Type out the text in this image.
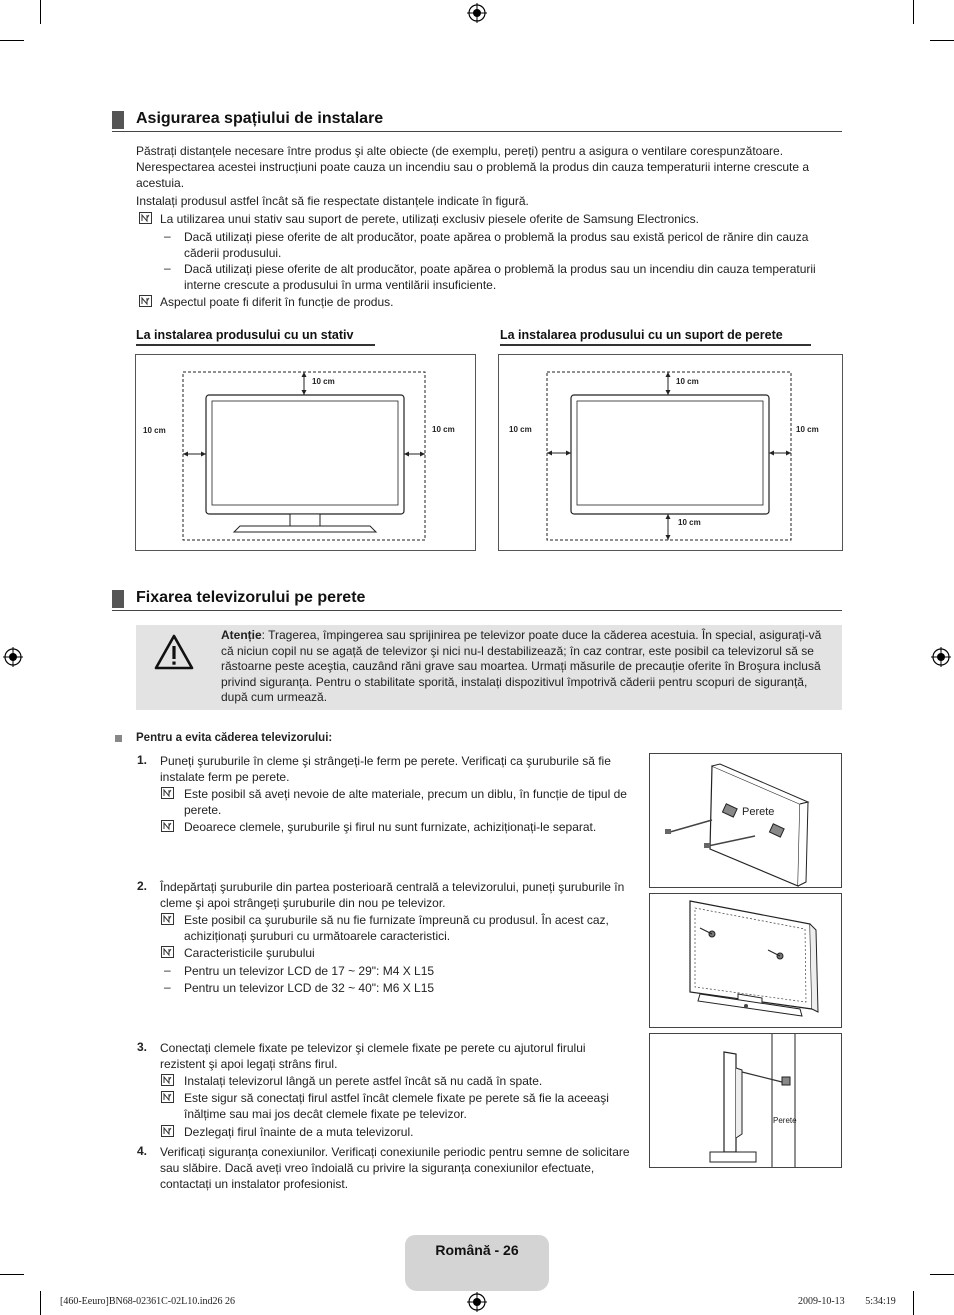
Asigurarea spațiului de instalare
Păstrați distanțele necesare între produs şi alte obiecte (de exemplu, pereți) pentru a asigura o ventilare corespunzătoare. Nerespectarea acestei instrucțiuni poate cauza un incendiu sau o problemă la produs din cauza temperaturii interne crescute a acestuia.
Instalați produsul astfel încât să fie respectate distanțele indicate în figură.
La utilizarea unui stativ sau suport de perete, utilizați exclusiv piesele oferite de Samsung Electronics.
– Dacă utilizați piese oferite de alt producător, poate apărea o problemă la produs sau există pericol de rănire din cauza căderii produsului.
– Dacă utilizați piese oferite de alt producător, poate apărea o problemă la produs sau un incendiu din cauza temperaturii interne crescute a produsului în urma ventilării insuficiente.
Aspectul poate fi diferit în funcție de produs.
La instalarea produsului cu un stativ	La instalarea produsului cu un suport de perete
10 cm
10 cm	10 cm
10 cm
10 cm	10 cm
10 cm
Fixarea televizorului pe perete
Atenție: Tragerea, împingerea sau sprijinirea pe televizor poate duce la căderea acestuia. În special, asigurați-vă că niciun copil nu se agață de televizor şi nici nu-l destabilizează; în caz contrar, este posibil ca televizorul să se răstoarne peste aceştia, cauzând răni grave sau moartea. Urmați măsurile de precauție oferite în Broşura inclusă privind siguranța. Pentru o stabilitate sporită, instalați dispozitivul împotrivă căderii pentru scopuri de siguranță, după cum urmează.
Pentru a evita căderea televizorului:
1. Puneți şuruburile în cleme şi strângeți-le ferm pe perete. Verificați ca şuruburile să fie instalate ferm pe perete.
Este posibil să aveți nevoie de alte materiale, precum un diblu, în funcție de tipul de perete.
Deoarece clemele, şuruburile şi firul nu sunt furnizate, achiziționați-le separat.
2. Îndepărtați şuruburile din partea posterioară centrală a televizorului, puneți şuruburile în cleme şi apoi strângeți şuruburile din nou pe televizor.
Este posibil ca şuruburile să nu fie furnizate împreună cu produsul. În acest caz, achiziționați şuruburi cu următoarele caracteristici.
Caracteristicile şurubului
– Pentru un televizor LCD de 17 ~ 29": M4 X L15
– Pentru un televizor LCD de 32 ~ 40": M6 X L15
3. Conectați clemele fixate pe televizor şi clemele fixate pe perete cu ajutorul firului rezistent şi apoi legați strâns firul.
Instalați televizorul lângă un perete astfel încât să nu cadă în spate.
Este sigur să conectați firul astfel încât clemele fixate pe perete să fie la aceeaşi înălțime sau mai jos decât clemele fixate pe televizor.
Dezlegați firul înainte de a muta televizorul.
4. Verificați siguranța conexiunilor. Verificați conexiunile periodic pentru semne de solicitare sau slăbire. Dacă aveți vreo îndoială cu privire la siguranța conexiunilor efectuate, contactați un instalator profesionist.
Perete
Perete
Română - 26
[460-Eeuro]BN68-02361C-02L10.ind26 26	2009-10-13 ￿￿ 5:34:19
